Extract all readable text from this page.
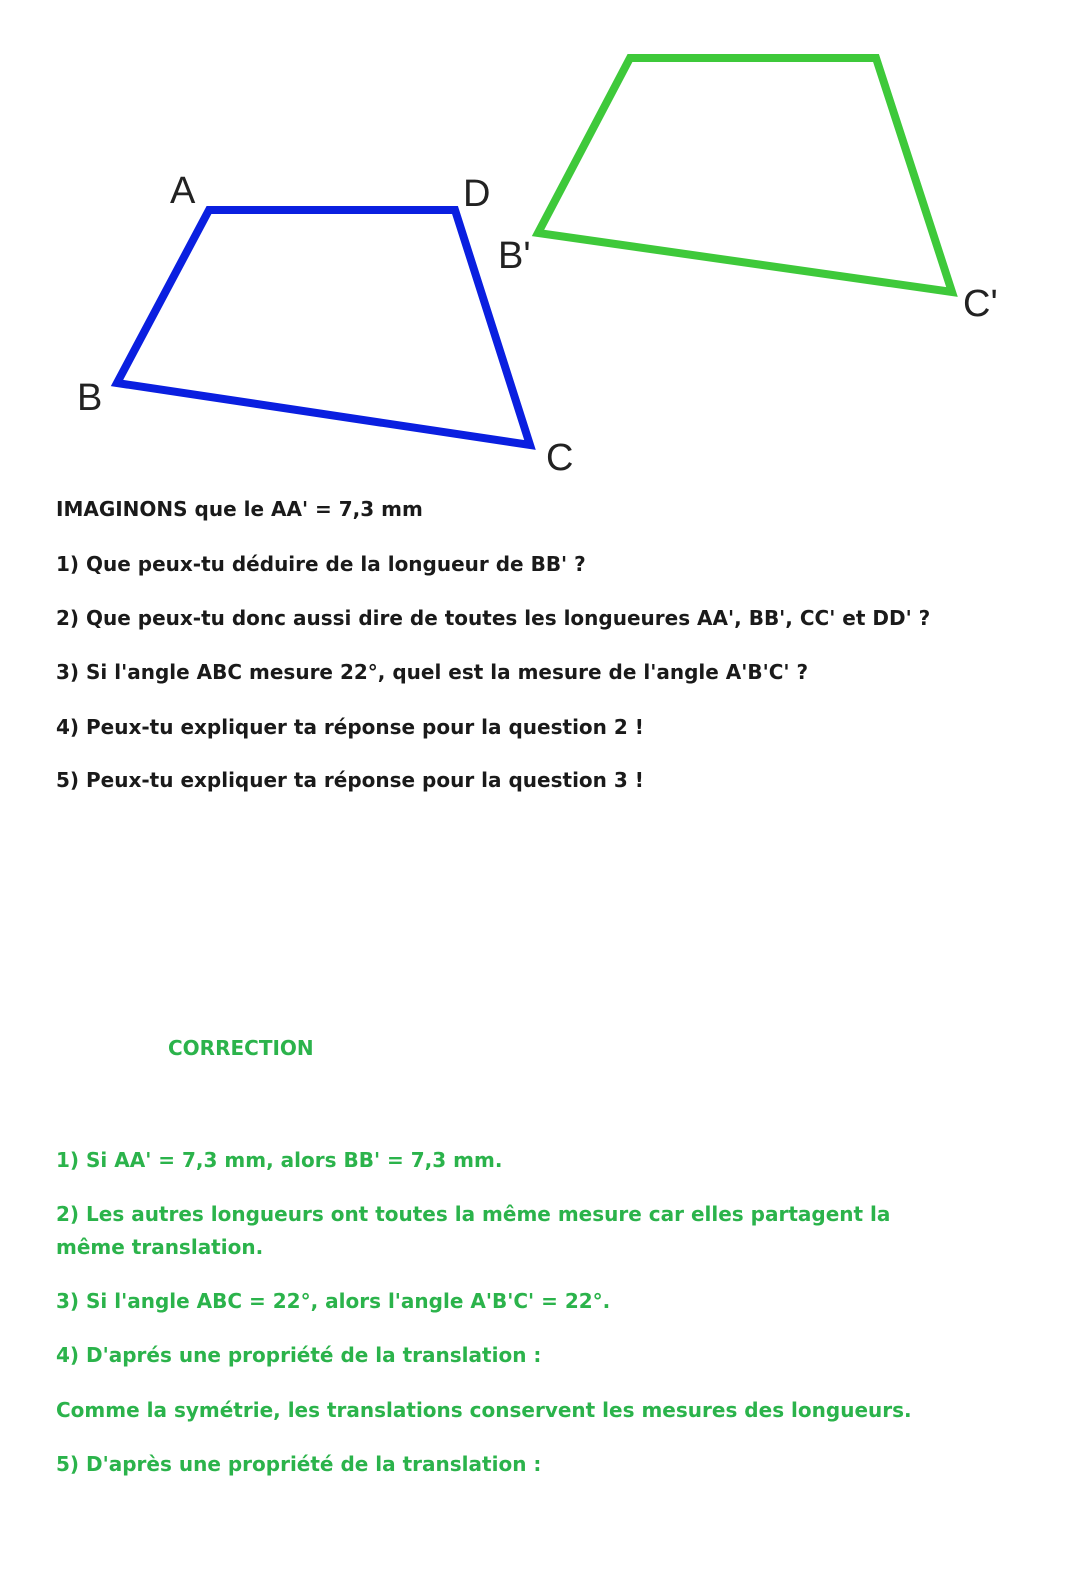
A	D
B
C
B'
C'

IMAGINONS que le AA' = 7,3 mm

1) Que peux-tu déduire de la longueur de BB' ?

2) Que peux-tu donc aussi dire de toutes les longueures AA', BB', CC' et DD' ?

3) Si l'angle ABC mesure 22°, quel est la mesure de l'angle A'B'C' ?

4) Peux-tu expliquer ta réponse pour la question 2 !

5) Peux-tu expliquer ta réponse pour la question 3 !

CORRECTION

1) Si AA' = 7,3 mm, alors BB' = 7,3 mm.

2) Les autres longueurs ont toutes la même mesure car elles partagent la même translation.

3) Si l'angle ABC = 22°, alors l'angle A'B'C' = 22°.

4) D'aprés une propriété de la translation :

Comme la symétrie, les translations conservent les mesures des longueurs.

5) D'après une propriété de la translation :
